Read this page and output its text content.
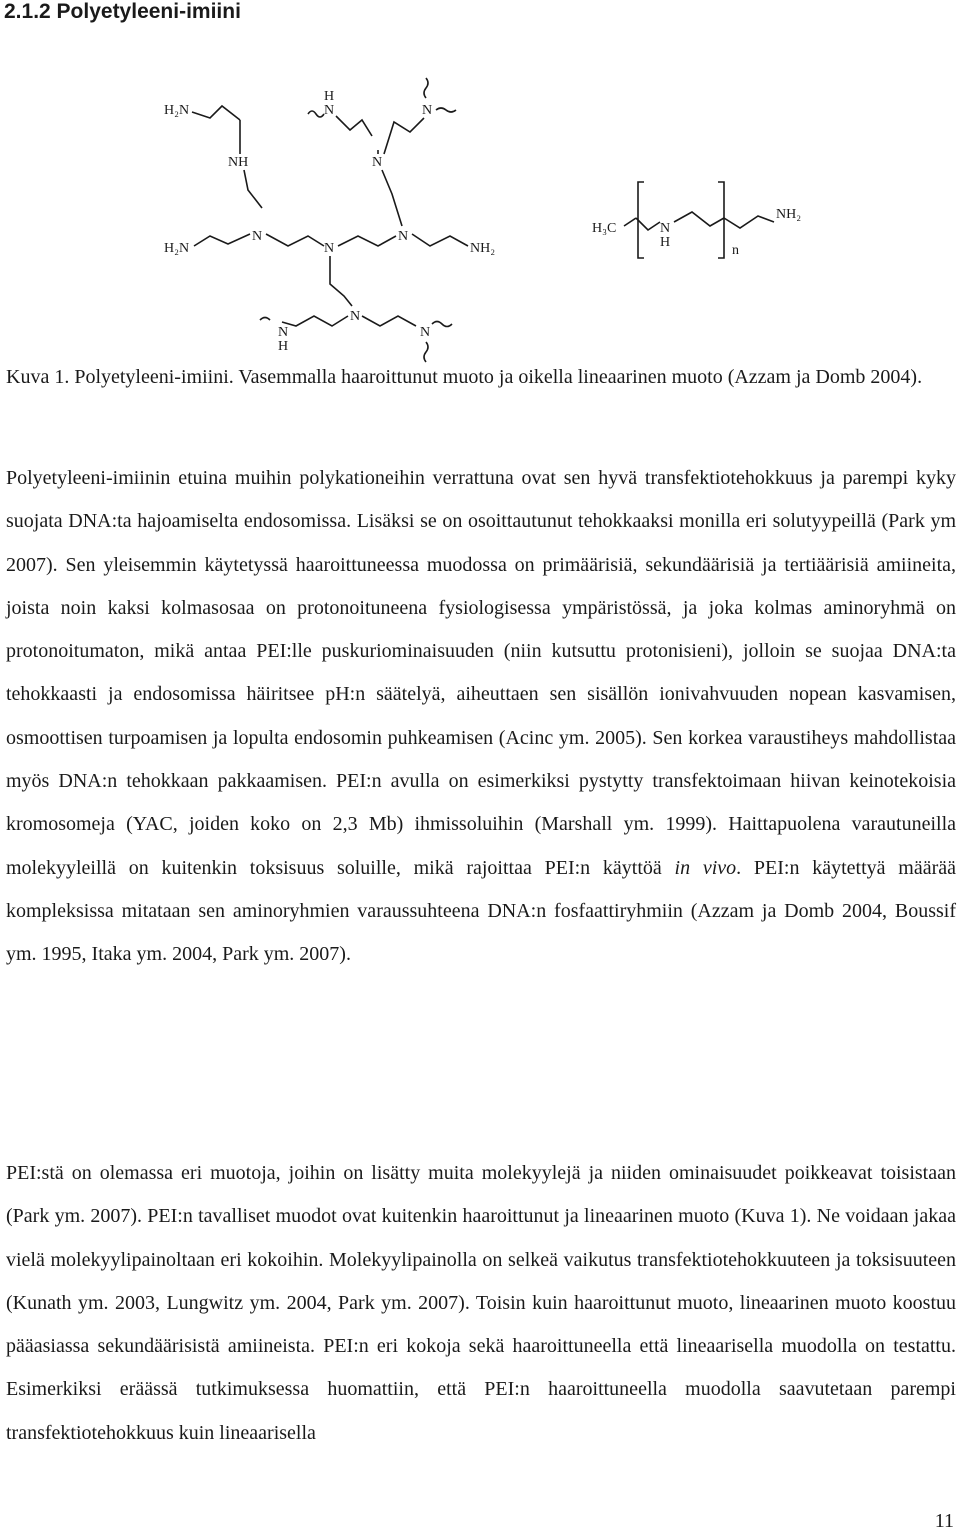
2.1.2 Polyetyleeni-imiini
H₂N
NH
N
H₂N	N
N
NH₂
H
N
N
N
N
N
H
N
H₃C	N
H
n
NH₂
Kuva 1. Polyetyleeni-imiini. Vasemmalla haaroittunut muoto ja oikella lineaarinen muoto (Azzam ja Domb 2004).
Polyetyleeni-imiinin etuina muihin polykationeihin verrattuna ovat sen hyvä transfektiotehokkuus ja parempi kyky suojata DNA:ta hajoamiselta endosomissa. Lisäksi se on osoittautunut tehokkaaksi monilla eri solutyypeillä (Park ym 2007). Sen yleisemmin käytetyssä haaroittuneessa muodossa on primäärisiä, sekundäärisiä ja tertiäärisiä amiineita, joista noin kaksi kolmasosaa on protonoituneena fysiologisessa ympäristössä, ja joka kolmas aminoryhmä on protonoitumaton, mikä antaa PEI:lle puskuriominaisuuden (niin kutsuttu protonisieni), jolloin se suojaa DNA:ta tehokkaasti ja endosomissa häiritsee pH:n säätelyä, aiheuttaen sen sisällön ionivahvuuden nopean kasvamisen, osmoottisen turpoamisen ja lopulta endosomin puhkeamisen (Acinc ym. 2005). Sen korkea varaustiheys mahdollistaa myös DNA:n tehokkaan pakkaamisen. PEI:n avulla on esimerkiksi pystytty transfektoimaan hiivan keinotekoisia kromosomeja (YAC, joiden koko on 2,3 Mb) ihmissoluihin (Marshall ym. 1999). Haittapuolena varautuneilla molekyyleillä on kuitenkin toksisuus soluille, mikä rajoittaa PEI:n käyttöä in vivo. PEI:n käytettyä määrää kompleksissa mitataan sen aminoryhmien varaussuhteena DNA:n fosfaattiryhmiin (Azzam ja Domb 2004, Boussif ym. 1995, Itaka ym. 2004, Park ym. 2007).
PEI:stä on olemassa eri muotoja, joihin on lisätty muita molekyylejä ja niiden ominaisuudet poikkeavat toisistaan (Park ym. 2007). PEI:n tavalliset muodot ovat kuitenkin haaroittunut ja lineaarinen muoto (Kuva 1). Ne voidaan jakaa vielä molekyylipainoltaan eri kokoihin. Molekyylipainolla on selkeä vaikutus transfektiotehokkuuteen ja toksisuuteen (Kunath ym. 2003, Lungwitz ym. 2004, Park ym. 2007). Toisin kuin haaroittunut muoto, lineaarinen muoto koostuu pääasiassa sekundäärisistä amiineista. PEI:n eri kokoja sekä haaroittuneella että lineaarisella muodolla on testattu. Esimerkiksi eräässä tutkimuksessa huomattiin, että PEI:n haaroittuneella muodolla saavutetaan parempi transfektiotehokkuus kuin lineaarisella
11
